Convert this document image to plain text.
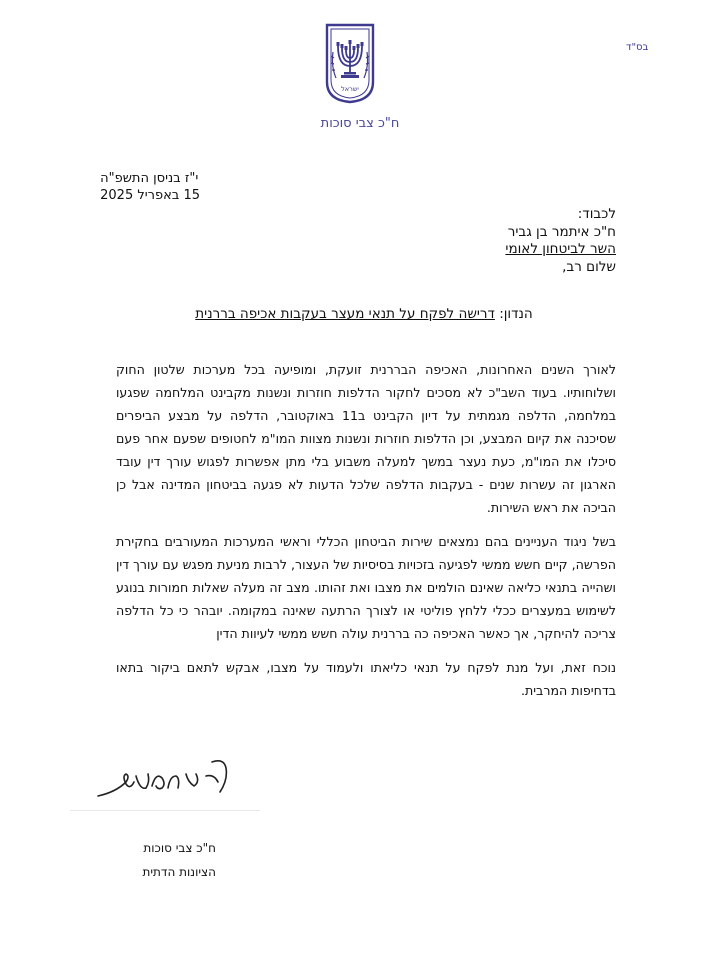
בס"ד
ישראל
ח"כ צבי סוכות
י"ז בניסן התשפ"ה
15 באפריל 2025
לכבוד:
ח"כ איתמר בן גביר
השר לביטחון לאומי
שלום רב,
הנדון: דרישה לפקח על תנאי מעצר בעקבות אכיפה בררנית

לאורך השנים האחרונות, האכיפה הבררנית זועקת, ומופיעה בכל מערכות שלטון החוק ושלוחותיו. בעוד השב"כ לא מסכים לחקור הדלפות חוזרות ונשנות מקבינט המלחמה שפגעו במלחמה, הדלפה מגמתית על דיון הקבינט ב11 באוקטובר, הדלפה על מבצע הביפרים שסיכנה את קיום המבצע, וכן הדלפות חוזרות ונשנות מצוות המו"מ לחטופים שפעם אחר פעם סיכלו את המו"מ, כעת נעצר במשך למעלה משבוע בלי מתן אפשרות לפגוש עורך דין עובד הארגון זה עשרות שנים - בעקבות הדלפה שלכל הדעות לא פגעה בביטחון המדינה אבל כן הביכה את ראש השירות.

בשל ניגוד העניינים בהם נמצאים שירות הביטחון הכללי וראשי המערכות המעורבים בחקירת הפרשה, קיים חשש ממשי לפגיעה בזכויות בסיסיות של העצור, לרבות מניעת מפגש עם עורך דין ושהייה בתנאי כליאה שאינם הולמים את מצבו ואת זהותו. מצב זה מעלה שאלות חמורות בנוגע לשימוש במעצרים ככלי ללחץ פוליטי או לצורך הרתעה שאינה במקומה. יובהר כי כל הדלפה צריכה להיחקר, אך כאשר האכיפה כה בררנית עולה חשש ממשי לעיוות הדין

נוכח זאת, ועל מנת לפקח על תנאי כליאתו ולעמוד על מצבו, אבקש לתאם ביקור בתאו בדחיפות המרבית.

ח"כ צבי סוכות
הציונות הדתית
